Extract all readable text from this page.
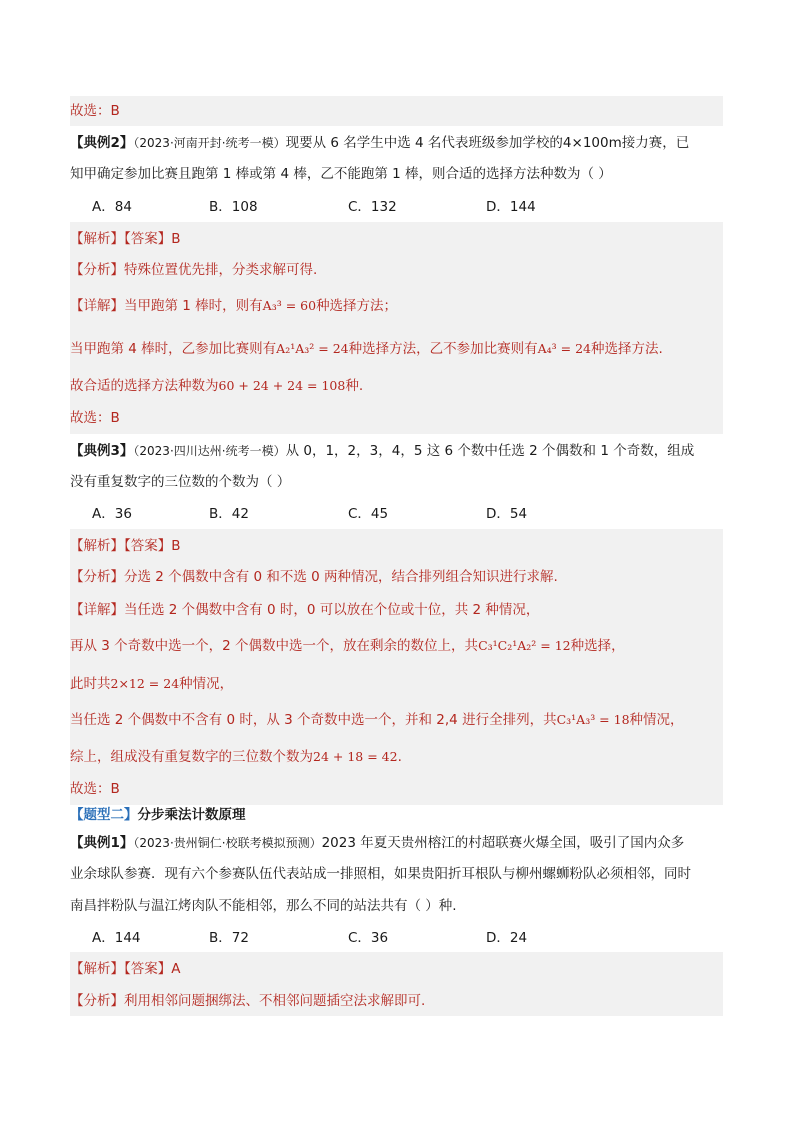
故选：B
【典例2】（2023·河南开封·统考一模）现要从 6 名学生中选 4 名代表班级参加学校的4×100m接力赛，已
知甲确定参加比赛且跑第 1 棒或第 4 棒，乙不能跑第 1 棒，则合适的选择方法种数为（ ）
A．84	B．108	C．132	D．144
【解析】【答案】B
【分析】特殊位置优先排，分类求解可得.
【详解】当甲跑第 1 棒时，则有A₃³ = 60种选择方法；
当甲跑第 4 棒时，乙参加比赛则有A₂¹A₃² = 24种选择方法，乙不参加比赛则有A₄³ = 24种选择方法.
故合适的选择方法种数为60 + 24 + 24 = 108种.
故选：B
【典例3】（2023·四川达州·统考一模）从 0，1，2，3，4，5 这 6 个数中任选 2 个偶数和 1 个奇数，组成
没有重复数字的三位数的个数为（ ）
A．36	B．42	C．45	D．54
【解析】【答案】B
【分析】分选 2 个偶数中含有 0 和不选 0 两种情况，结合排列组合知识进行求解.
【详解】当任选 2 个偶数中含有 0 时，0 可以放在个位或十位，共 2 种情况，
再从 3 个奇数中选一个，2 个偶数中选一个，放在剩余的数位上，共C₃¹C₂¹A₂² = 12种选择，
此时共2×12 = 24种情况，
当任选 2 个偶数中不含有 0 时，从 3 个奇数中选一个，并和 2,4 进行全排列，共C₃¹A₃³ = 18种情况，
综上，组成没有重复数字的三位数个数为24 + 18 = 42.
故选：B
【题型二】分步乘法计数原理
【典例1】（2023·贵州铜仁·校联考模拟预测）2023 年夏天贵州榕江的村超联赛火爆全国，吸引了国内众多
业余球队参赛．现有六个参赛队伍代表站成一排照相，如果贵阳折耳根队与柳州螺蛳粉队必须相邻，同时
南昌拌粉队与温江烤肉队不能相邻，那么不同的站法共有（ ）种.
A．144	B．72	C．36	D．24
【解析】【答案】A
【分析】利用相邻问题捆绑法、不相邻问题插空法求解即可.
